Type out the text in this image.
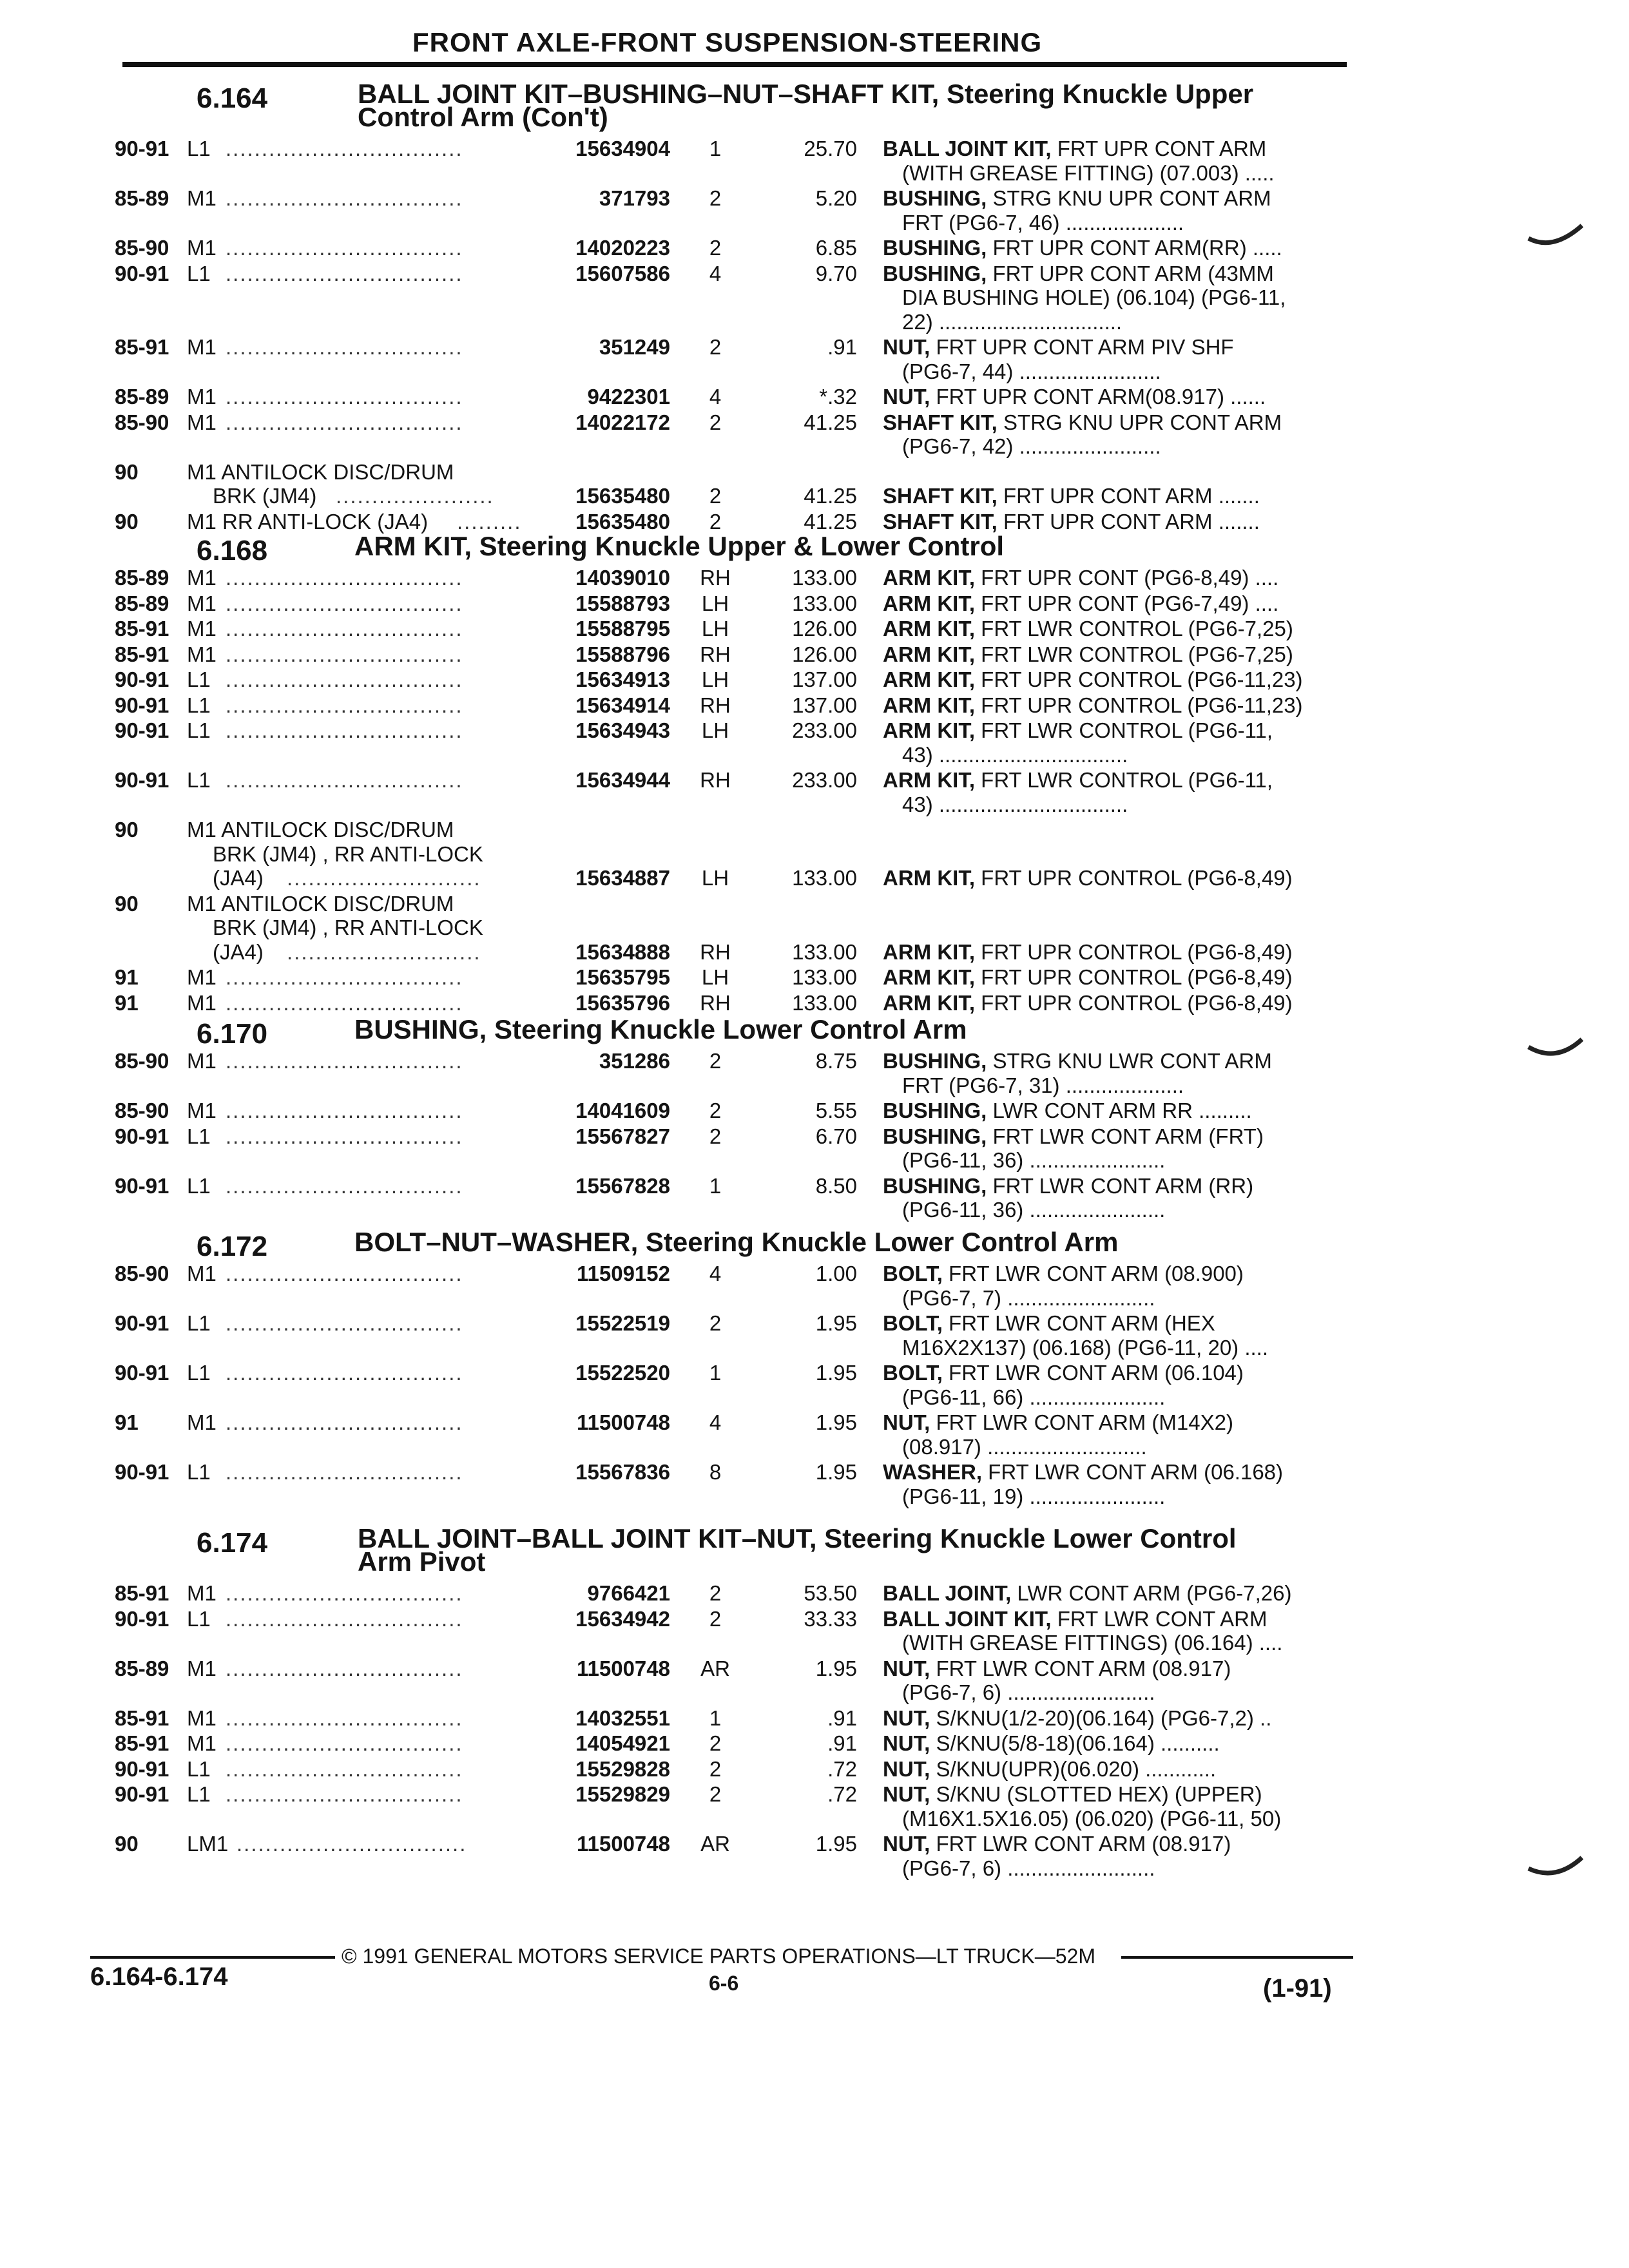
FRONT AXLE-FRONT SUSPENSION-STEERING
6.164	BALL JOINT KIT–BUSHING–NUT–SHAFT KIT, Steering Knuckle Upper
Control Arm (Con't)
90-91 L1 .................................	15634904	1	25.70 BALL JOINT KIT, FRT UPR CONT ARM
(WITH GREASE FITTING) (07.003) .....
85-89 M1 .................................	371793	2	5.20 BUSHING, STRG KNU UPR CONT ARM
FRT (PG6-7, 46) ....................
85-90 M1 .................................	14020223	2	6.85 BUSHING, FRT UPR CONT ARM(RR) .....
90-91 L1 .................................	15607586	4	9.70 BUSHING, FRT UPR CONT ARM (43MM
DIA BUSHING HOLE) (06.104) (PG6-11,
22) ...............................
85-91 M1 .................................	351249	2	.91 NUT, FRT UPR CONT ARM PIV SHF
(PG6-7, 44) ........................
85-89 M1 .................................	9422301	4	*.32 NUT, FRT UPR CONT ARM(08.917) ......
85-90 M1 .................................	14022172	2	41.25 SHAFT KIT, STRG KNU UPR CONT ARM
(PG6-7, 42) ........................
90 M1 ANTILOCK DISC/DRUM
BRK (JM4) ......................	15635480	2	41.25 SHAFT KIT, FRT UPR CONT ARM .......
90 M1 RR ANTI-LOCK (JA4) .........	15635480	2	41.25 SHAFT KIT, FRT UPR CONT ARM .......
6.168	ARM KIT, Steering Knuckle Upper & Lower Control
85-89 M1 .................................	14039010 RH	133.00 ARM KIT, FRT UPR CONT (PG6-8,49) ....
85-89 M1 .................................	15588793 LH	133.00 ARM KIT, FRT UPR CONT (PG6-7,49) ....
85-91 M1 .................................	15588795 LH	126.00 ARM KIT, FRT LWR CONTROL (PG6-7,25)
85-91 M1 .................................	15588796 RH	126.00 ARM KIT, FRT LWR CONTROL (PG6-7,25)
90-91 L1 .................................	15634913 LH	137.00 ARM KIT, FRT UPR CONTROL (PG6-11,23)
90-91 L1 .................................	15634914 RH	137.00 ARM KIT, FRT UPR CONTROL (PG6-11,23)
90-91 L1 .................................	15634943 LH	233.00 ARM KIT, FRT LWR CONTROL (PG6-11,
43) ................................
90-91 L1 .................................	15634944 RH	233.00 ARM KIT, FRT LWR CONTROL (PG6-11,
43) ................................
90 M1 ANTILOCK DISC/DRUM
BRK (JM4) , RR ANTI-LOCK
(JA4) ...........................	15634887 LH	133.00 ARM KIT, FRT UPR CONTROL (PG6-8,49)
90 M1 ANTILOCK DISC/DRUM
BRK (JM4) , RR ANTI-LOCK
(JA4) ...........................	15634888 RH	133.00 ARM KIT, FRT UPR CONTROL (PG6-8,49)
91 M1 .................................	15635795 LH	133.00 ARM KIT, FRT UPR CONTROL (PG6-8,49)
91 M1 .................................	15635796 RH	133.00 ARM KIT, FRT UPR CONTROL (PG6-8,49)
6.170	BUSHING, Steering Knuckle Lower Control Arm
85-90 M1 .................................	351286	2	8.75 BUSHING, STRG KNU LWR CONT ARM
FRT (PG6-7, 31) ....................
85-90 M1 .................................	14041609	2	5.55 BUSHING, LWR CONT ARM RR .........
90-91 L1 .................................	15567827	2	6.70 BUSHING, FRT LWR CONT ARM (FRT)
(PG6-11, 36) .......................
90-91 L1 .................................	15567828	1	8.50 BUSHING, FRT LWR CONT ARM (RR)
(PG6-11, 36) .......................
6.172	BOLT–NUT–WASHER, Steering Knuckle Lower Control Arm
85-90 M1 .................................	11509152	4	1.00 BOLT, FRT LWR CONT ARM (08.900)
(PG6-7, 7) .........................
90-91 L1 .................................	15522519	2	1.95 BOLT, FRT LWR CONT ARM (HEX
M16X2X137) (06.168) (PG6-11, 20) ....
90-91 L1 .................................	15522520	1	1.95 BOLT, FRT LWR CONT ARM (06.104)
(PG6-11, 66) .......................
91 M1 .................................	11500748	4	1.95 NUT, FRT LWR CONT ARM (M14X2)
(08.917) ...........................
90-91 L1 .................................	15567836	8	1.95 WASHER, FRT LWR CONT ARM (06.168)
(PG6-11, 19) .......................
6.174	BALL JOINT–BALL JOINT KIT–NUT, Steering Knuckle Lower Control
Arm Pivot
85-91 M1 .................................	9766421	2	53.50 BALL JOINT, LWR CONT ARM (PG6-7,26)
90-91 L1 .................................	15634942	2	33.33 BALL JOINT KIT, FRT LWR CONT ARM
(WITH GREASE FITTINGS) (06.164) ....
85-89 M1 .................................	11500748 AR	1.95 NUT, FRT LWR CONT ARM (08.917)
(PG6-7, 6) .........................
85-91 M1 .................................	14032551	1	.91 NUT, S/KNU(1/2-20)(06.164) (PG6-7,2) ..
85-91 M1 .................................	14054921	2	.91 NUT, S/KNU(5/8-18)(06.164) ..........
90-91 L1 .................................	15529828	2	.72 NUT, S/KNU(UPR)(06.020) ............
90-91 L1 .................................	15529829	2	.72 NUT, S/KNU (SLOTTED HEX) (UPPER)
(M16X1.5X16.05) (06.020) (PG6-11, 50)
90 LM1 ................................	11500748 AR	1.95 NUT, FRT LWR CONT ARM (08.917)
(PG6-7, 6) .........................
© 1991 GENERAL MOTORS SERVICE PARTS OPERATIONS—LT TRUCK—52M
6.164-6.174	6-6	(1-91)
